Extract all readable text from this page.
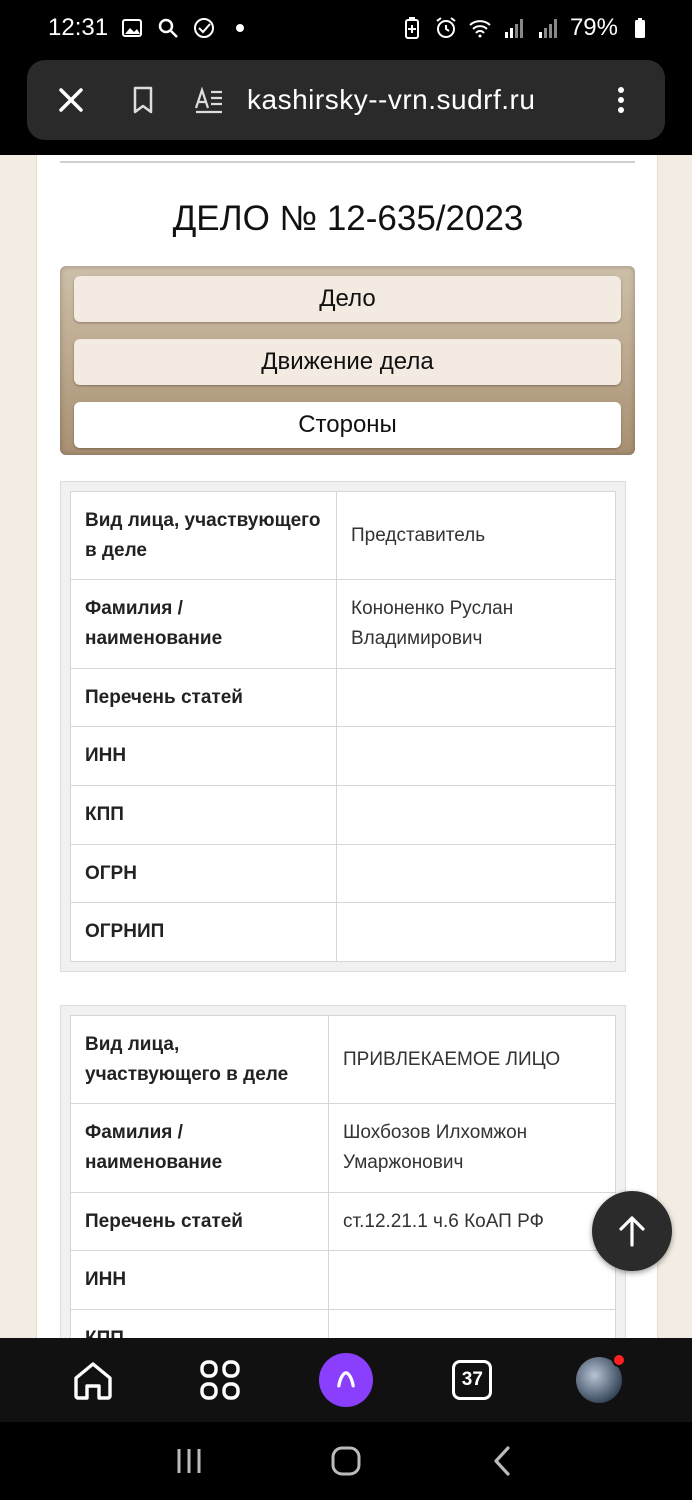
12:31	79%
kashirsky--vrn.sudrf.ru
ДЕЛО № 12-635/2023
Дело
Движение дела
Стороны
Вид лица, участвующего в деле	Представитель
Фамилия / наименование	Кононенко Руслан Владимирович
Перечень статей	
ИНН	
КПП	
ОГРН	
ОГРНИП	
Вид лица, участвующего в деле	ПРИВЛЕКАЕМОЕ ЛИЦО
Фамилия / наименование	Шохбозов Илхомжон Умаржонович
Перечень статей	ст.12.21.1 ч.6 КоАП РФ
ИНН	

37
